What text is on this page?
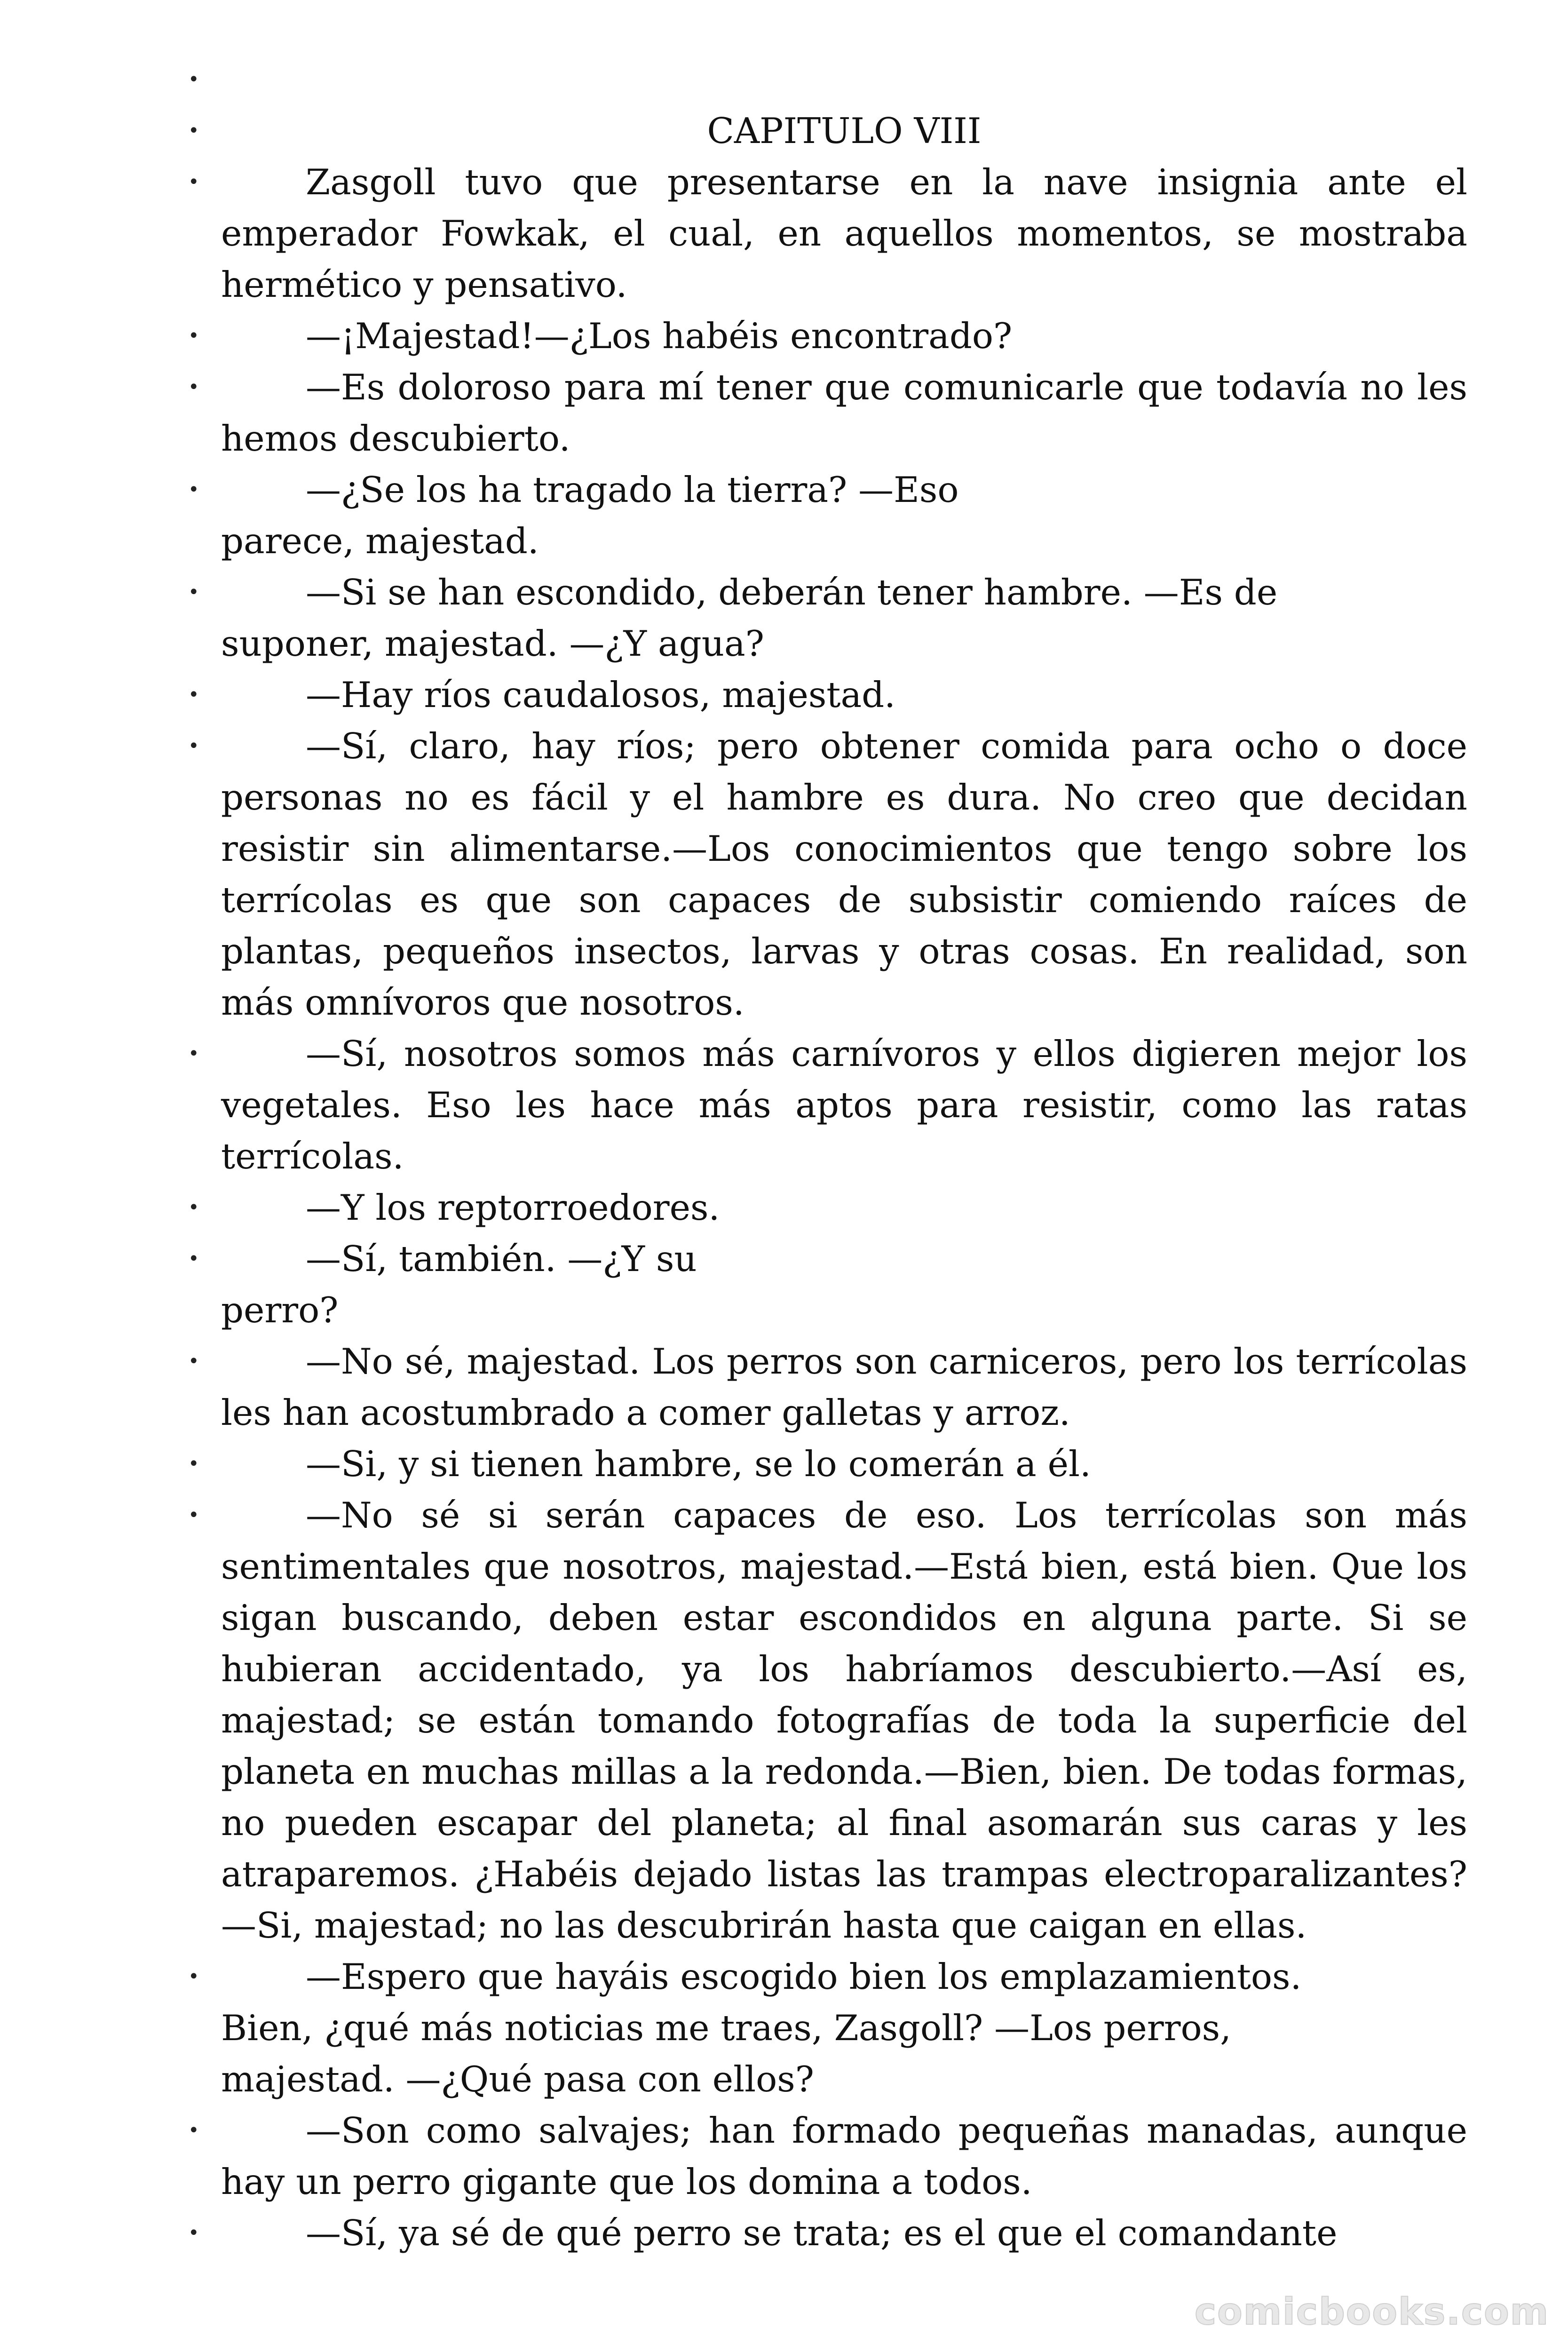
•
• CAPITULO VIII
• Zasgoll tuvo que presentarse en la nave insignia ante el emperador Fowkak, el cual, en aquellos momentos, se mostraba hermético y pensativo.
• —¡Majestad!—¿Los habéis encontrado?
• —Es doloroso para mí tener que comunicarle que todavía no les hemos descubierto.
• —¿Se los ha tragado la tierra? —Eso
parece, majestad.
• —Si se han escondido, deberán tener hambre. —Es de
suponer, majestad. —¿Y agua?
• —Hay ríos caudalosos, majestad.
• —Sí, claro, hay ríos; pero obtener comida para ocho o doce personas no es fácil y el hambre es dura. No creo que decidan resistir sin alimentarse.—Los conocimientos que tengo sobre los terrícolas es que son capaces de subsistir comiendo raíces de plantas, pequeños insectos, larvas y otras cosas. En realidad, son más omnívoros que nosotros.
• —Sí, nosotros somos más carnívoros y ellos digieren mejor los vegetales. Eso les hace más aptos para resistir, como las ratas terrícolas.
• —Y los reptorroedores.
• —Sí, también. —¿Y su
perro?
• —No sé, majestad. Los perros son carniceros, pero los terrícolas les han acostumbrado a comer galletas y arroz.
• —Si, y si tienen hambre, se lo comerán a él.
• —No sé si serán capaces de eso. Los terrícolas son más sentimentales que nosotros, majestad.—Está bien, está bien. Que los sigan buscando, deben estar escondidos en alguna parte. Si se hubieran accidentado, ya los habríamos descubierto.—Así es, majestad; se están tomando fotografías de toda la superficie del planeta en muchas millas a la redonda.—Bien, bien. De todas formas, no pueden escapar del planeta; al final asomarán sus caras y les atraparemos. ¿Habéis dejado listas las trampas electroparalizantes?—Si, majestad; no las descubrirán hasta que caigan en ellas.
• —Espero que hayáis escogido bien los emplazamientos.
Bien, ¿qué más noticias me traes, Zasgoll? —Los perros,
majestad. —¿Qué pasa con ellos?
• —Son como salvajes; han formado pequeñas manadas, aunque hay un perro gigante que los domina a todos.
• —Sí, ya sé de qué perro se trata; es el que el comandante
comicbooks.com
